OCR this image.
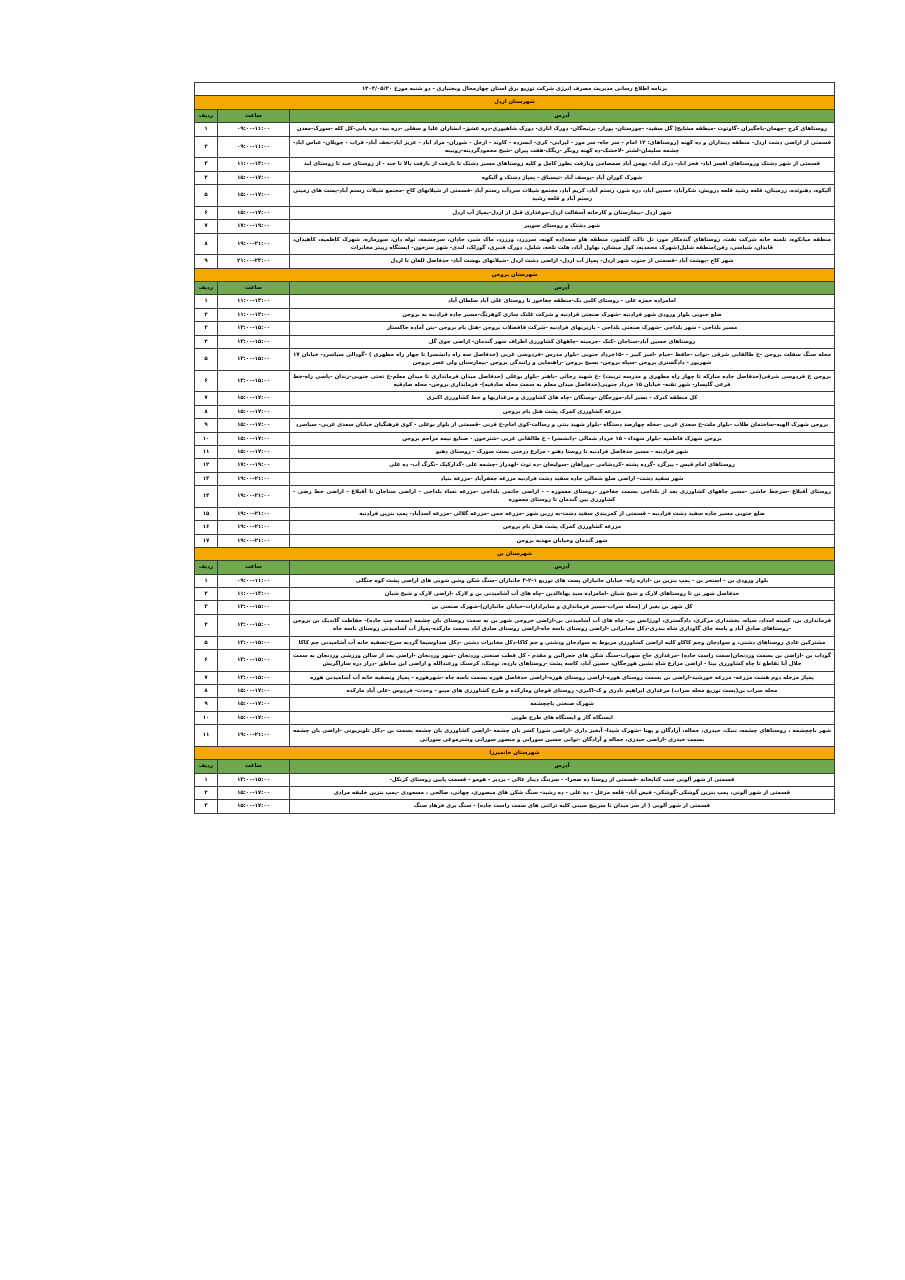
برنامه اطلاع رسانی مدیریت مصرف انرژی شرکت توزیع برق استان چهارمحال وبختیاری - دو شنبه مورخ ۱۴۰۴/۰۵/۲۰		
شهرستان اردل		
آدرس	ساعت	ردیف
روستاهای کرج -چهمان-باجگیران -گاوتوت -منطقه مشایخ( گل سفید- -چوزستان- پوراز- برتیجگان- دورک اتاری- دورک شاهپوری-دره عشق- ابشاران علیا و سفلی -دره بید- دره پابی-کل کله -سورک-معدن	۰۹:۰۰-۱۱:۰۰	۱
قسمتی از اراضی دشت اردل- منطقه دینداران و ده کهنه (روستاهای: ۱۲ امام - سر جاه- سر مور - لیرابی- کری- ابسرده - کاوند - ارجل - شوران- مراد اباد - عزیز اباد-نجف آباد- قراب - جویلان- عباس اباد- چشمه سلیمان-لشتر -لاخشک-ده کهنه روبگر -ریگک-هفت پیران -شیخ محمودگردبنه-روبینه	۰۹:۰۰-۱۱:۰۰	۲
قسمتی از شهر دشتک وروستاهای افسر اباد- فخر اباد- دزک آباد- بهمن آباد صمصامی وبازفت بطور کامل و کلیه روستاهای مسیر دشتک تا بازفت از بازفت بالا تا جبد - از روستای جبد تا روستای لبد	۱۱:۰۰-۱۳:۰۰	۳
شهرک کوران آباد -یوسف آباد -تیسیاق - پمپاژ دشتک و آلیکوه	۱۵:۰۰-۱۷:۰۰	۴
آلیکوه، دهنوئده، زرمیتان، قلعه رشید قلعه درویش، شکرآباد، حسین آباد، دره شور، رستم آباد، کریم آباد، مجتمع شیلات سردآب رستم آباد -قسمتی از شیلاتهای کاج -مجتمع شیلات رستم آباد-پست های زمینی رستم آباد و قلعه رشید	۱۵:۰۰-۱۷:۰۰	۵
شهر اردل -بیمارستان و کارخانه آسفالت اردل-موغداری قبل از اردل-پمپاژ آب اردل	۱۵:۰۰-۱۷:۰۰	۶
شهر دشتک و روستای سوپیر	۱۷:۰۰-۱۹:۰۰	۷
منطقه میانکوه، تلمبه خانه شرکت نفت، روستاهای گندمکار مور، تل تاک، گلشور، منطقه هاو سعد(ده کهنه، سرزرد، ورزرد، ماک شیر، جادان، سرچشمه، توله دان، سورمازه، شهرک کاظمیه، کاهیدان، قابدان، شیاسی، رفن)منطقه شلیل(شهرک محمدیه، کول میشان، بهاول آباد، هلت تلخه، شلیل، دورک قنبری، گوزلک، لندی- شهر سرخون- ایستگاه رپیتر مخابرات	۱۹:۰۰-۲۱:۰۰	۸
شهر کاج -بهشت آباد -قسمتی از جنوب شهر اردل- پمپاژ آب اردل- اراضی دشت اردل -شیلاتهای بهشت آباد- حدفاصل للغان تا اردل	۲۱:۰۰-۲۳:۰۰	۹
شهرستان بروجن		
آدرس	ساعت	ردیف
امامزاده حمزه علی - روستای کلبی بک-منطقه جغاخور تا روستای علی آباد سلطان آباد	۱۱:۰۰-۱۳:۰۰	۱
ضلع جنوبی بلوار ورودی شهر فرادنبه -شهرک صنعتی فرادنبه و شرکت غلتک سازی کوهرنگ-مسیر جاده فرادنبه به بروجن	۱۱:۰۰-۱۳:۰۰	۲
مسیر بلداجی - شهر بلداجی -شهرک صنعتی بلداجی - بازیربهای فرادنبه -شرکت قافضلاب بروجن -هتل بام بروجن -بتن آماده خاکستار	۱۳:۰۰-۱۵:۰۰	۳
روستاهای حسین آباد-سناجان -کنک -جرمبنه -چاههای کشاورزی اطراف شهر گندمان- اراضی جوی گل	۱۳:۰۰-۱۵:۰۰	۴
محله سنگ سفلت بروجن -خ طالقانی شرقی -نواب -حافظ -خیام -امیر کبیر - -۱۵خرداد جنوبی -بلوار مدرس -فردوسی غربی (حدفاصل سه راه دانشسرا تا چهار راه مطهری ) -گودالی سیاسرد- خیابان ۱۷ شهریور - دادگستری بروجن -سپاه بروجن- بسیج بروجن -راهنمایی و رانندگی بروجن -بیمارستان ولی عصر بروجن	۱۳:۰۰-۱۵:۰۰	۵
بروجن خ فردوسی شرقی(حدفاصل جاده مبارکه تا چهار راه مطهری و مدرسه تربیت) -خ شهید رجائی -باهنر -بلوار بوعلی (حدفاصل میدان فرمانداری تا میدان معلم-خ تختی جنوبی-زندان -پاسی راه-خط فرعی گلپسار- شهر تقنه- خیابان ۱۵ خرداد جنوبی(حدفاصل میدان معلم به سمت محله صادقیه)- فرمانداری بروجن- محله صادقیه	۱۳:۰۰-۱۵:۰۰	۶
کل منطقه کنرک - نصیر آباد-مورجگان -وستگان -چاه های کشاورزی و مرغداریها و خط کشاورزی اکبری	۱۵:۰۰-۱۷:۰۰	۷
مزرعه کشاورزی کمرک پشت هتل بام بروجن	۱۵:۰۰-۱۷:۰۰	۸
بروجن شهرک الهیه-ساختمان طلاب -بلوار ملت-خ سعدی غربی -محله چهارصد دستگاه -بلوار شهید بنتی و رسالت-کوی امام-خ قرنی -قسمتی از بلوار بوعلی - کوی فرهنگیان خیابان سعدی غربی- سیاسرد	۱۵:۰۰-۱۷:۰۰	۹
بروجن شهرک فاطمیه -بلوار شهداء - ۱۵ خرداد شمالی -دانشسرا - خ طالقانی غربی -شترخون - صنایع نیمه مزاحم بروجن	۱۵:۰۰-۱۷:۰۰	۱۰
شهر فرادنبه - مسیر حدفاصل فرادنبه تا روستا دهنو - مزارع درختی بست سورک - روستای دهنو	۱۵:۰۰-۱۷:۰۰	۱۱
روستاهای امام قیس - پیرگرد -گرده پشته -کردشامی -دورآهان -سولیجان -ده توت -لهدراز -چشمه علی -گدارکپک -نگرگ آب- ده علی	۱۷:۰۰-۱۹:۰۰	۱۲
شهر سفید دشت- اراضی ضلع شمالی جاده سفید دشت فرادنبه مزرعه جعفرآباد -مزرعه بنیاد	۱۹:۰۰-۲۱:۰۰	۱۳
روستای آقبلاغ -سرخط حاشی -مسیر چاههای کشاورزی بعد از بلداجی بسمت جغاخور -روستای معموره - - اراضی خاتمی بلداجی -مزرعه نساء بلداجی - اراضی سناجان تا آقبلاغ - اراضی خط رضی - کشاورزی بین گندمان تا روستای معموره	۱۹:۰۰-۲۱:۰۰	۱۴
ضلع جنوبی مسیر جاده سفید دشت فرادنبه - قسمتی از کمربندی سفید دشت-به زربن شهر -مزرعه جمن -مزرعه گلالی -مزرعه اسدآباد- پمپ بنزین فرادنبه	۱۹:۰۰-۲۱:۰۰	۱۵
مزرعه کشاورزی کمرک پشت هتل بام بروجن	۱۹:۰۰-۲۱:۰۰	۱۶
شهر گندمان وخیابان مهدیه بروجن	۱۹:۰۰-۲۱:۰۰	۱۷
شهرستان بن		
آدرس	ساعت	ردیف
بلوار ورودی بن - استخر بن - پمپ بنزین بن -اداره راه- خیابان جانبازان پست های توزیع ۱-۲-۳ جانبازان -سنگ شکن وشن شوبی های اراضی پشت کوه جنگلی	۰۹:۰۰-۱۱:۰۰	۱
حدفاصل شهر بن تا روستاهای لارک و شیخ شبان -امامزاده سید بهاءالدین -چاه های آب آشامیدنی بن و لارک -اراضی لارک و شیخ شبان	۱۱:۰۰-۱۳:۰۰	۲
کل شهر بن بغیر از (محله سراب-مسیر فرمانداری و سایرادارات-خیابان جانبازان)-شهرک صنعتی بن	۱۳:۰۰-۱۵:۰۰	۳
فرمانداری بن، کمیته امداد، سپاه، بخشداری مرکزی، دادگستری، اورژانس بن- چاه های آب آشامیدنی بن-اراضی خروجی شهر بن به سمت روستای بان چشمه (سمت چپ جاده)- حفاظت گاندیک بن بروجن -روستاهای صادق آباد و باسه جای گاوداری شاه بندری-دکل مخابراتی -اراضی روستای باسه جاه-اراضی روستای صادق اباد بسمت مارکده-پمپاژ آب آشامیدنی روستای باسه جاه	۱۳:۰۰-۱۵:۰۰	۴
مشترکین عادی روستاهای دشتی، و سوادجان وجم کاکاو کلیه اراضی کشاورزی مربوط به سوادجان ودشتی و جم کاکا-دکل مخابرات دشتی -دکل صداوسیما گردنه سرخ-تصفیه خانه آب آشامیدنی جم کاکا	۱۳:۰۰-۱۵:۰۰	۵
گوداب بن -اراضی بن بسمت وردنجان(سمت راست جاده) -مرغداری حاج سهراب-سنگ شکن های حجرالبن و مقدم - کل قطب صنعتی وردنجان -شهر وردنجان -اراضی بعد از سالن ورزشی وردنجان به سمت جلال آبا تقاطع تا چاه کشاورزی بینا - اراضی مزارع شاه نشین هورجگان، حسین آباد، کاسه پشت -روستاهای بارده، نومتک، کرسنک ورعبدالله و اراضی این مناطق -دراز دره ساراگریش	۱۳:۰۰-۱۵:۰۰	۶
پمپاژ مرحله دوم هشت مزرعه- مزرعه خورشید-اراضی بن بسمت روستای هوره-اراضی روستای هوره-اراضی حدفاصل هوره بسمت باسه جاه -شهرهوره - پمپاژ وتصفیه خانه آب آشامیدنی هوره	۱۳:۰۰-۱۵:۰۰	۷
محله سراب بن(پست توزیع محله سراب) مرغداری ابراهیم نادری و ک-اکبری- روستای قوجان ومارکده و طرح کشاورزی های مینو - وحدت- فردوس -علی آباد مارکده	۱۵:۰۰-۱۷:۰۰	۸
شهرک صنعتی باچچشمه	۱۵:۰۰-۱۷:۰۰	۹
ایستگاه گاز و ایستگاه های طرح طوبی	۱۵:۰۰-۱۷:۰۰	۱۰
شهر باچچشمه ، روستاهای چشمه، تنبک، حیدری، جماله، آزادگان و پهنا -شهرک شیدا- آبخیز داری -اراضی شورا کسر بان چشمه -اراضی کشاورزی بان چشمه بسمت بن -دکل تلویزیونی -اراضی بان چشمه بسمت حیدری -اراضی حیدری، جماله و آزادگان -توانی حسین سورانی و منصور سورانی وشترموغی سورانی	۱۹:۰۰-۲۱:۰۰	۱۱
شهرستان خانمیرزا		
آدرس	ساعت	ردیف
قسمتی از شهر آلونی جنب کتابخانه -قسمتی از روستا ده صحرا- - سرتنگ دینار عالی - بردبر - هومو - قسمت پایین روستای کرنکل-	۱۳:۰۰-۱۵:۰۰	۱
قسمتی از شهر آلونی، پمپ بنزین گوشکی-گوشکی- فیض آباد- قلعه مزعل - ده علی - ده رشید- سنگ شکن های منصوری، چهانی، صالحی ، مسعودی -پمپ بنزین خلیفه مرادی	۱۵:۰۰-۱۷:۰۰	۲
قسمتی از شهر آلونی ( از سر میدان تا سرپیچ سینی کلیه تراتنی های سمت راست جاده) - سنگ بری فرهاد سنگ	۱۵:۰۰-۱۷:۰۰	۳
